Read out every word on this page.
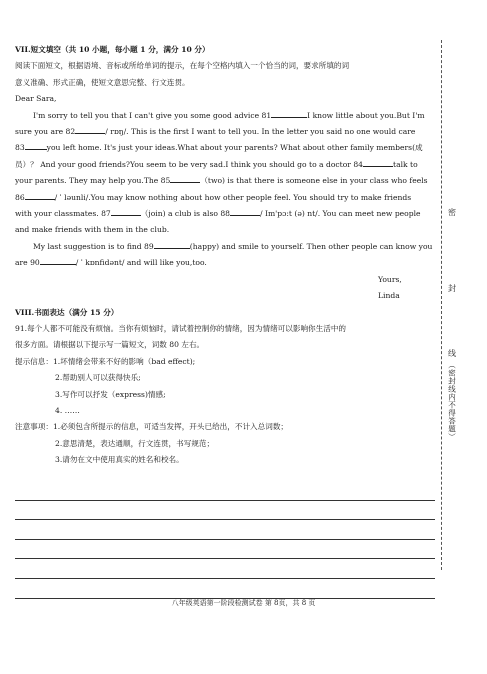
VII.短文填空（共 10 小题，每小题 1 分，满分 10 分）
阅读下面短文，根据语境、音标或所给单词的提示，在每个空格内填入一个恰当的词，要求所填的词
意义准确、形式正确，使短文意思完整、行文连贯。
Dear Sara,
I'm sorry to tell you that I can't give you some good advice 81	I know little about you.But I'm
sure you are 82	/ rɒŋ/. This is the first I want to tell you. In the letter you said no one would care
83	you left home. It's just your ideas.What about your parents? What about other family members(成
员）？ And your good friends?You seem to be very sad.I think you should go to a doctor 84	talk to
your parents. They may help you.The 85	（two) is that there is someone else in your class who feels
86	/ ˈ ləunli/.You may know nothing about how other people feel. You should try to make friends
with your classmates. 87	（join) a club is also 88	/ Im'pɔ:t (ə) nt/. You can meet new people
and make friends with them in the club.
My last suggestion is to find 89	(happy) and smile to yourself. Then other people can know you
are 90	/ ˈ kɒnfidənt/ and will like you,too.
Yours,
Linda
VIII.书面表达（满分 15 分）
91.每个人都不可能没有烦恼。当你有烦恼时，请试着控制你的情绪，因为情绪可以影响你生活中的
很多方面。请根据以下提示写一篇短文，词数 80 左右。
提示信息：1.坏情绪会带来不好的影响（bad effect);
2.帮助别人可以获得快乐;
3.写作可以抒发（express)情感;
4. ……
注意事项：1.必须包含所提示的信息，可适当发挥，开头已给出，不计入总词数；
2.意思清楚，表达通顺，行文连贯，书写规范；
3.请勿在文中使用真实的姓名和校名。
密
封
线
（密封线内不得答题）
八年级英语第一阶段检测试卷 第 8页，共 8 页
